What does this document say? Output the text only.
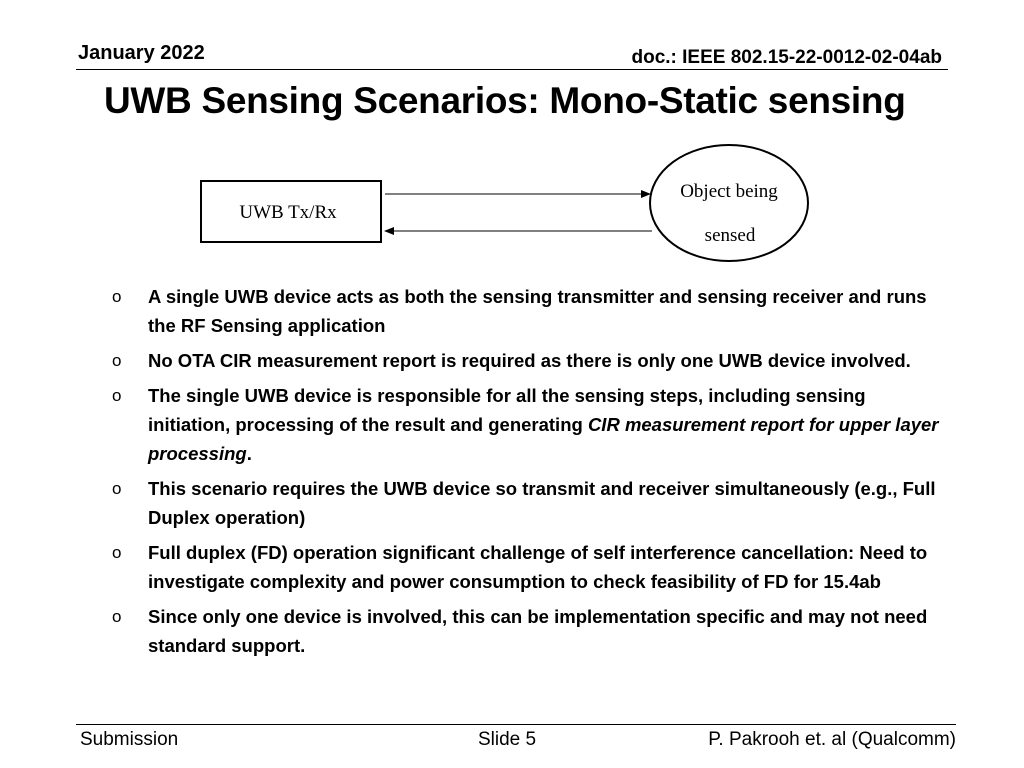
January 2022	doc.: IEEE 802.15-22-0012-02-04ab
UWB Sensing Scenarios: Mono-Static sensing
UWB Tx/Rx
Object being
sensed
o A single UWB device acts as both the sensing transmitter and sensing receiver and runs the RF Sensing application
o No OTA CIR measurement report is required as there is only one UWB device involved.
o The single UWB device is responsible for all the sensing steps, including sensing initiation, processing of the result and generating CIR measurement report for upper layer processing.
o This scenario requires the UWB device so transmit and receiver simultaneously (e.g., Full Duplex operation)
o Full duplex (FD) operation significant challenge of self interference cancellation: Need to investigate complexity and power consumption to check feasibility of FD for 15.4ab
o Since only one device is involved, this can be implementation specific and may not need standard support.
Submission	Slide 5	P. Pakrooh et. al (Qualcomm)
